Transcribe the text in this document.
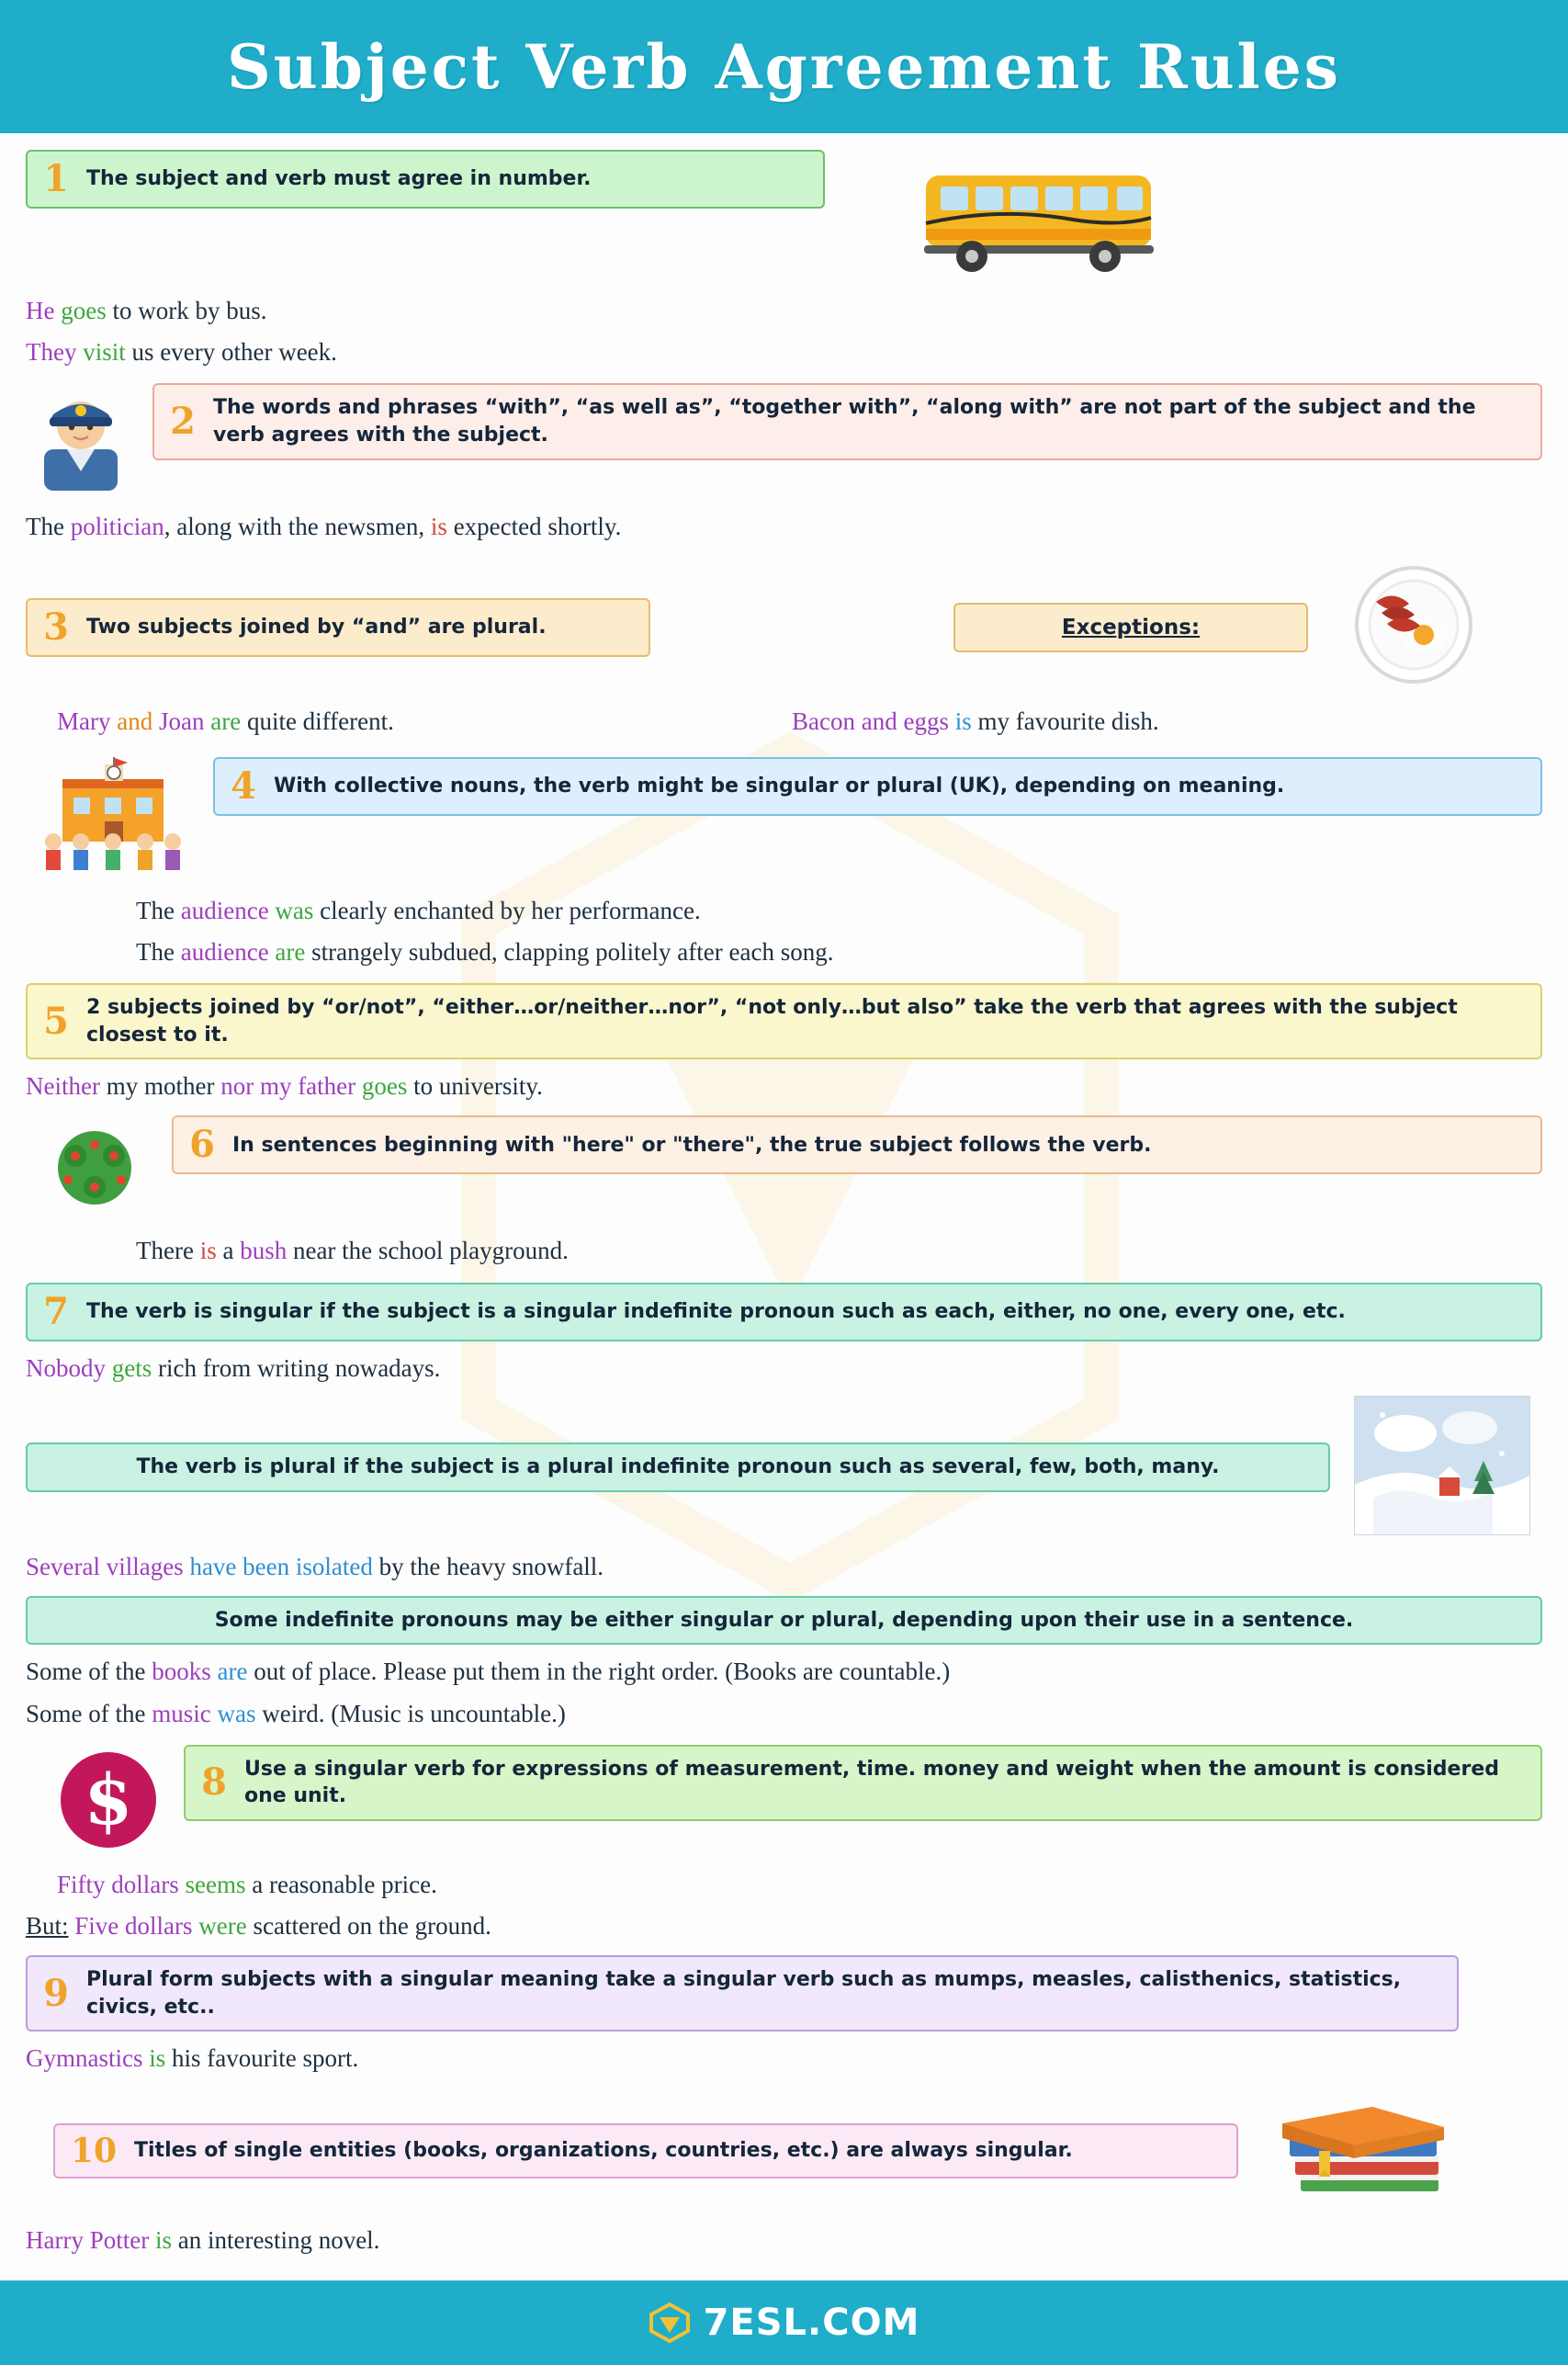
Subject Verb Agreement Rules
1 The subject and verb must agree in number.
He goes to work by bus.
They visit us every other week.
2 The words and phrases “with”, “as well as”, “together with”, “along with” are not part of the subject and the verb agrees with the subject.
The politician, along with the newsmen, is expected shortly.
3 Two subjects joined by “and” are plural.	Exceptions:
Mary and Joan are quite different.	Bacon and eggs is my favourite dish.
4 With collective nouns, the verb might be singular or plural (UK), depending on meaning.
The audience was clearly enchanted by her performance.
The audience are strangely subdued, clapping politely after each song.
5 2 subjects joined by “or/not”, “either…or/neither…nor”, “not only…but also” take the verb that agrees with the subject closest to it.
Neither my mother nor my father goes to university.
6 In sentences beginning with "here" or "there", the true subject follows the verb.
There is a bush near the school playground.
7 The verb is singular if the subject is a singular indefinite pronoun such as each, either, no one, every one, etc.
Nobody gets rich from writing nowadays.
The verb is plural if the subject is a plural indefinite pronoun such as several, few, both, many.
Several villages have been isolated by the heavy snowfall.
Some indefinite pronouns may be either singular or plural, depending upon their use in a sentence.
Some of the books are out of place. Please put them in the right order. (Books are countable.)
Some of the music was weird. (Music is uncountable.)
$ 8 Use a singular verb for expressions of measurement, time. money and weight when the amount is considered one unit.
Fifty dollars seems a reasonable price.
But: Five dollars were scattered on the ground.
9 Plural form subjects with a singular meaning take a singular verb such as mumps, measles, calisthenics, statistics, civics, etc..
Gymnastics is his favourite sport.
10 Titles of single entities (books, organizations, countries, etc.) are always singular.
Harry Potter is an interesting novel.
7ESL.COM
